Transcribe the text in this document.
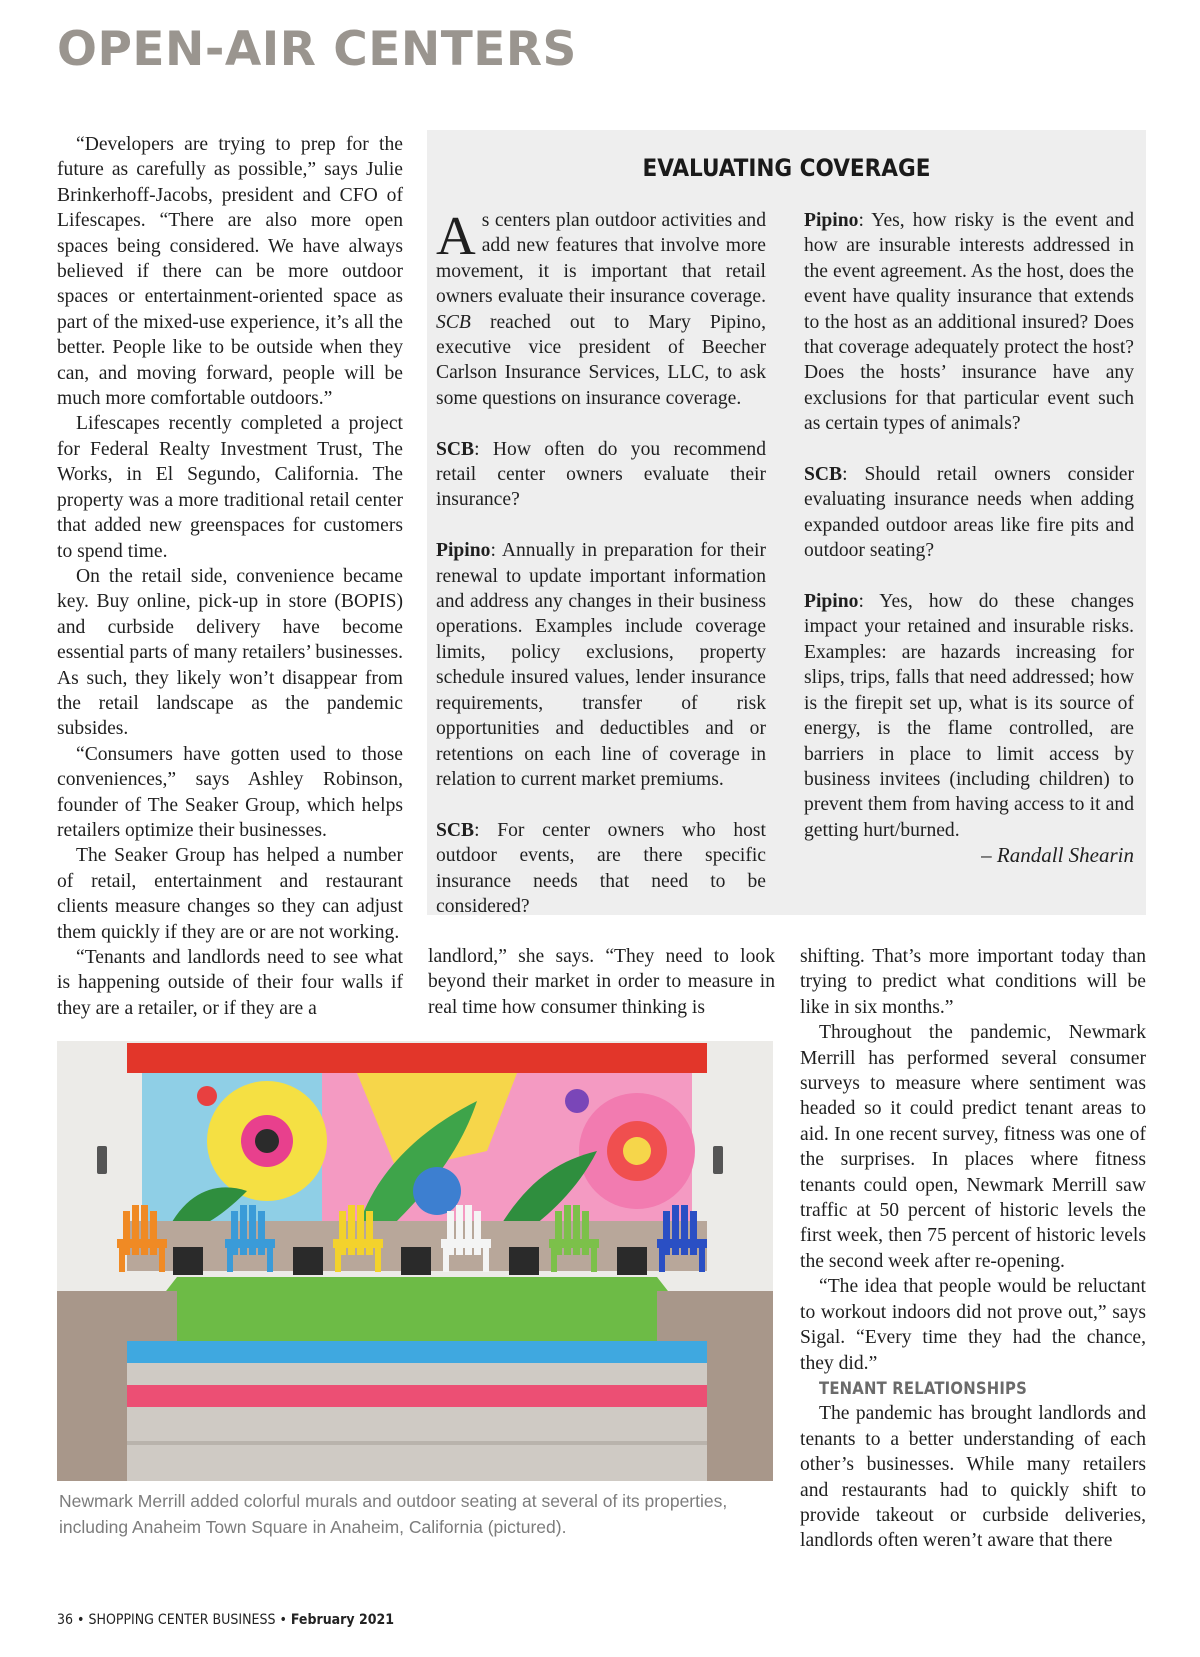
OPEN-AIR CENTERS

“Developers are trying to prep for the future as carefully as possible,” says Julie Brinkerhoff-Jacobs, president and CFO of Lifescapes. “There are also more open spaces being considered. We have always believed if there can be more outdoor spaces or entertainment-oriented space as part of the mixed-use experience, it’s all the better. People like to be outside when they can, and moving forward, people will be much more comfortable outdoors.”

Lifescapes recently completed a project for Federal Realty Investment Trust, The Works, in El Segundo, California. The property was a more traditional retail center that added new greenspaces for customers to spend time.

On the retail side, convenience became key. Buy online, pick-up in store (BOPIS) and curbside delivery have become essential parts of many retailers’ businesses. As such, they likely won’t disappear from the retail landscape as the pandemic subsides.

“Consumers have gotten used to those conveniences,” says Ashley Robinson, founder of The Seaker Group, which helps retailers optimize their businesses.

The Seaker Group has helped a number of retail, entertainment and restaurant clients measure changes so they can adjust them quickly if they are or are not working.

“Tenants and landlords need to see what is happening outside of their four walls if they are a retailer, or if they are a

EVALUATING COVERAGE

As centers plan outdoor activities and add new features that involve more movement, it is important that retail owners evaluate their insurance coverage. SCB reached out to Mary Pipino, executive vice president of Beecher Carlson Insurance Services, LLC, to ask some questions on insurance coverage.

SCB: How often do you recommend retail center owners evaluate their insurance?

Pipino: Annually in preparation for their renewal to update important information and address any changes in their business operations. Examples include coverage limits, policy exclusions, property schedule insured values, lender insurance requirements, transfer of risk opportunities and deductibles and or retentions on each line of coverage in relation to current market premiums.

SCB: For center owners who host outdoor events, are there specific insurance needs that need to be considered?

Pipino: Yes, how risky is the event and how are insurable interests addressed in the event agreement. As the host, does the event have quality insurance that extends to the host as an additional insured? Does that coverage adequately protect the host? Does the hosts’ insurance have any exclusions for that particular event such as certain types of animals?

SCB: Should retail owners consider evaluating insurance needs when adding expanded outdoor areas like fire pits and outdoor seating?

Pipino: Yes, how do these changes impact your retained and insurable risks. Examples: are hazards increasing for slips, trips, falls that need addressed; how is the firepit set up, what is its source of energy, is the flame controlled, are barriers in place to limit access by business invitees (including children) to prevent them from having access to it and getting hurt/burned.

– Randall Shearin

landlord,” she says. “They need to look beyond their market in order to measure in real time how consumer thinking is

shifting. That’s more important today than trying to predict what conditions will be like in six months.”

Throughout the pandemic, Newmark Merrill has performed several consumer surveys to measure where sentiment was headed so it could predict tenant areas to aid. In one recent survey, fitness was one of the surprises. In places where fitness tenants could open, Newmark Merrill saw traffic at 50 percent of historic levels the first week, then 75 percent of historic levels the second week after re-opening.

“The idea that people would be reluctant to workout indoors did not prove out,” says Sigal. “Every time they had the chance, they did.”

TENANT RELATIONSHIPS

The pandemic has brought landlords and tenants to a better understanding of each other’s businesses. While many retailers and restaurants had to quickly shift to provide takeout or curbside deliveries, landlords often weren’t aware that there

Newmark Merrill added colorful murals and outdoor seating at several of its properties, including Anaheim Town Square in Anaheim, California (pictured).

36 • SHOPPING CENTER BUSINESS • February 2021
